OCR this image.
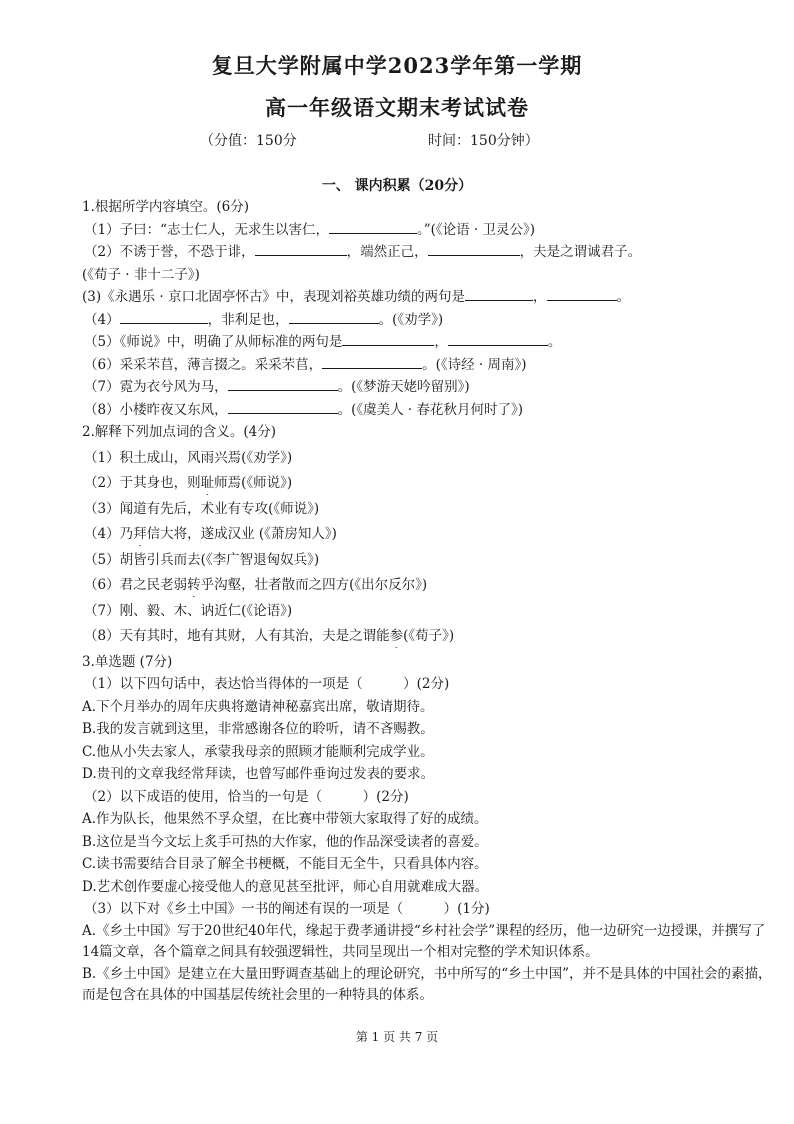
复旦大学附属中学2023学年第一学期
高一年级语文期末考试试卷
（分值：150分	时间：150分钟）
一、 课内积累（20分）
1.根据所学内容填空。(6分)
（1）子曰：“志士仁人，无求生以害仁，	。”(《论语 · 卫灵公》)
（2）不诱于誉，不恐于诽，	，端然正己，	，夫是之谓诚君子。
(《荀子 · 非十二子》)
(3)《永遇乐 · 京口北固亭怀古》中，表现刘裕英雄功绩的两句是	，	。
（4）	，非利足也，	。(《劝学》)
（5）《师说》中，明确了从师标准的两句是	，	。
（6）采采芣苢，薄言掇之。采采芣苢，	。(《诗经 · 周南》)
（7）霓为衣兮风为马，	。(《梦游天姥吟留别》)
（8）小楼昨夜又东风，	。(《虞美人 · 春花秋月何时了》)
2.解释下列加点词的含义。(4分)
（1）积土成山，风雨兴焉(《劝学》)
（2）于其身也，则耻师焉(《师说》)
（3）闻道有先后，术业有专攻(《师说》)
（4）乃拜信大将，遂成汉业 (《萧房知人》)
（5）胡皆引兵而去(《李广智退匈奴兵》)
（6）君之民老弱转乎沟壑，壮者散而之四方(《出尔反尔》)
（7）刚、毅、木、讷近仁(《论语》)
（8）天有其时，地有其财，人有其治，夫是之谓能参(《荀子》)
3.单选题 (7分)
（1）以下四句话中，表达恰当得体的一项是（　　　）(2分)
A.下个月举办的周年庆典将邀请神秘嘉宾出席，敬请期待。
B.我的发言就到这里，非常感谢各位的聆听，请不吝赐教。
C.他从小失去家人，承蒙我母亲的照顾才能顺利完成学业。
D.贵刊的文章我经常拜读，也曾写邮件垂询过发表的要求。
（2）以下成语的使用，恰当的一句是（　　　）(2分)
A.作为队长，他果然不孚众望，在比赛中带领大家取得了好的成绩。
B.这位是当今文坛上炙手可热的大作家，他的作品深受读者的喜爱。
C.读书需要结合目录了解全书梗概，不能目无全牛，只看具体内容。
D.艺术创作要虚心接受他人的意见甚至批评，师心自用就难成大器。
（3）以下对《乡土中国》一书的阐述有误的一项是（　　　）(1分)
A.《乡土中国》写于20世纪40年代，缘起于费孝通讲授“乡村社会学”课程的经历，他一边研究一边授课，并撰写了14篇文章，各个篇章之间具有较强逻辑性，共同呈现出一个相对完整的学术知识体系。
B.《乡土中国》是建立在大量田野调查基础上的理论研究，书中所写的“乡土中国”，并不是具体的中国社会的素描，而是包含在具体的中国基层传统社会里的一种特具的体系。
第 1 页 共 7 页
